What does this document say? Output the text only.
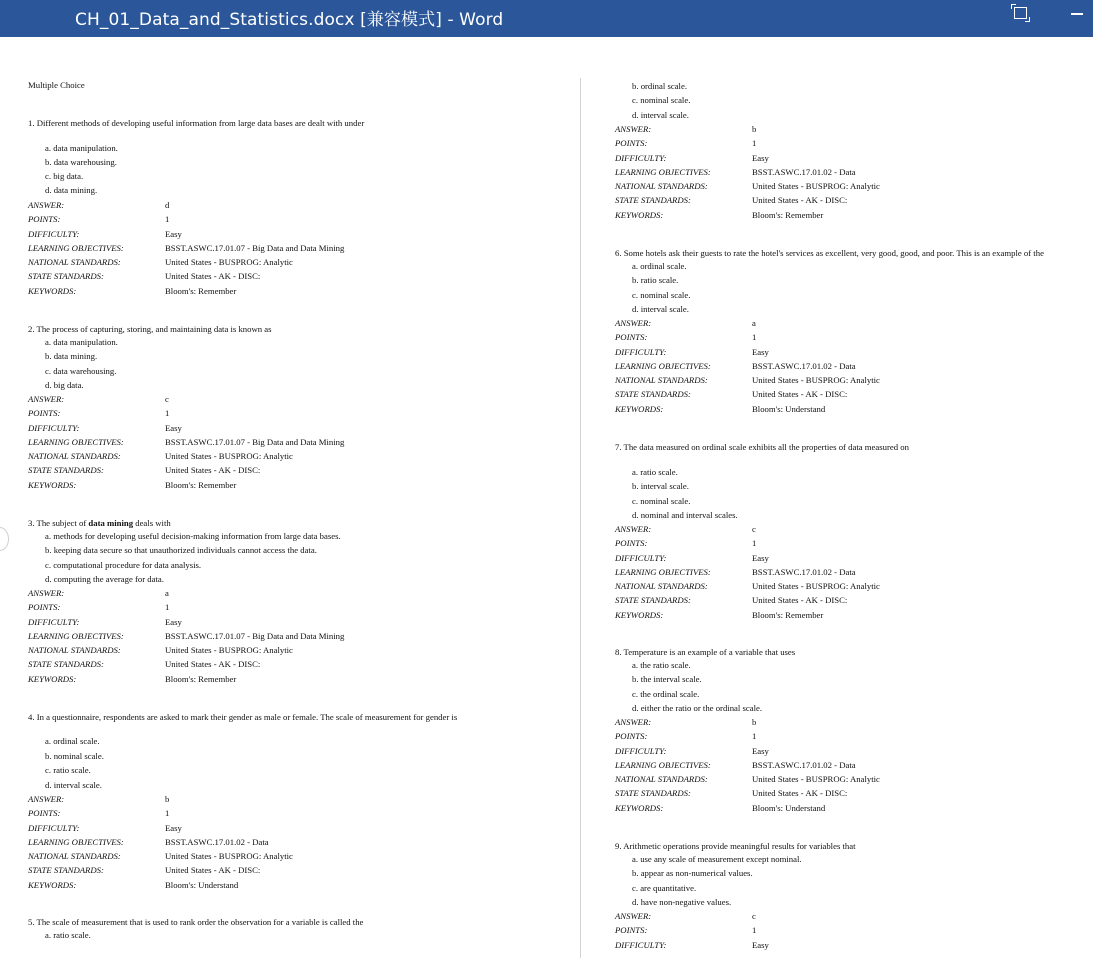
CH_01_Data_and_Statistics.docx [兼容模式] - Word
Multiple Choice
1. Different methods of developing useful information from large data bases are dealt with under
a. data manipulation.
b. data warehousing.
c. big data.
d. data mining.
ANSWER:	d
POINTS:	1
DIFFICULTY:	Easy
LEARNING OBJECTIVES:	BSST.ASWC.17.01.07 - Big Data and Data Mining
NATIONAL STANDARDS:	United States - BUSPROG: Analytic
STATE STANDARDS:	United States - AK - DISC:
KEYWORDS:	Bloom's: Remember
2. The process of capturing, storing, and maintaining data is known as
a. data manipulation.
b. data mining.
c. data warehousing.
d. big data.
ANSWER:	c
POINTS:	1
DIFFICULTY:	Easy
LEARNING OBJECTIVES:	BSST.ASWC.17.01.07 - Big Data and Data Mining
NATIONAL STANDARDS:	United States - BUSPROG: Analytic
STATE STANDARDS:	United States - AK - DISC:
KEYWORDS:	Bloom's: Remember
3. The subject of data mining deals with
a. methods for developing useful decision-making information from large data bases.
b. keeping data secure so that unauthorized individuals cannot access the data.
c. computational procedure for data analysis.
d. computing the average for data.
ANSWER:	a
POINTS:	1
DIFFICULTY:	Easy
LEARNING OBJECTIVES:	BSST.ASWC.17.01.07 - Big Data and Data Mining
NATIONAL STANDARDS:	United States - BUSPROG: Analytic
STATE STANDARDS:	United States - AK - DISC:
KEYWORDS:	Bloom's: Remember
4. In a questionnaire, respondents are asked to mark their gender as male or female. The scale of measurement for gender is
a. ordinal scale.
b. nominal scale.
c. ratio scale.
d. interval scale.
ANSWER:	b
POINTS:	1
DIFFICULTY:	Easy
LEARNING OBJECTIVES:	BSST.ASWC.17.01.02 - Data
NATIONAL STANDARDS:	United States - BUSPROG: Analytic
STATE STANDARDS:	United States - AK - DISC:
KEYWORDS:	Bloom's: Understand
5. The scale of measurement that is used to rank order the observation for a variable is called the
a. ratio scale.
b. ordinal scale.
c. nominal scale.
d. interval scale.
ANSWER:	b
POINTS:	1
DIFFICULTY:	Easy
LEARNING OBJECTIVES:	BSST.ASWC.17.01.02 - Data
NATIONAL STANDARDS:	United States - BUSPROG: Analytic
STATE STANDARDS:	United States - AK - DISC:
KEYWORDS:	Bloom's: Remember
6. Some hotels ask their guests to rate the hotel's services as excellent, very good, good, and poor. This is an example of the
a. ordinal scale.
b. ratio scale.
c. nominal scale.
d. interval scale.
ANSWER:	a
POINTS:	1
DIFFICULTY:	Easy
LEARNING OBJECTIVES:	BSST.ASWC.17.01.02 - Data
NATIONAL STANDARDS:	United States - BUSPROG: Analytic
STATE STANDARDS:	United States - AK - DISC:
KEYWORDS:	Bloom's: Understand
7. The data measured on ordinal scale exhibits all the properties of data measured on
a. ratio scale.
b. interval scale.
c. nominal scale.
d. nominal and interval scales.
ANSWER:	c
POINTS:	1
DIFFICULTY:	Easy
LEARNING OBJECTIVES:	BSST.ASWC.17.01.02 - Data
NATIONAL STANDARDS:	United States - BUSPROG: Analytic
STATE STANDARDS:	United States - AK - DISC:
KEYWORDS:	Bloom's: Remember
8. Temperature is an example of a variable that uses
a. the ratio scale.
b. the interval scale.
c. the ordinal scale.
d. either the ratio or the ordinal scale.
ANSWER:	b
POINTS:	1
DIFFICULTY:	Easy
LEARNING OBJECTIVES:	BSST.ASWC.17.01.02 - Data
NATIONAL STANDARDS:	United States - BUSPROG: Analytic
STATE STANDARDS:	United States - AK - DISC:
KEYWORDS:	Bloom's: Understand
9. Arithmetic operations provide meaningful results for variables that
a. use any scale of measurement except nominal.
b. appear as non-numerical values.
c. are quantitative.
d. have non-negative values.
ANSWER:	c
POINTS:	1
DIFFICULTY:	Easy
